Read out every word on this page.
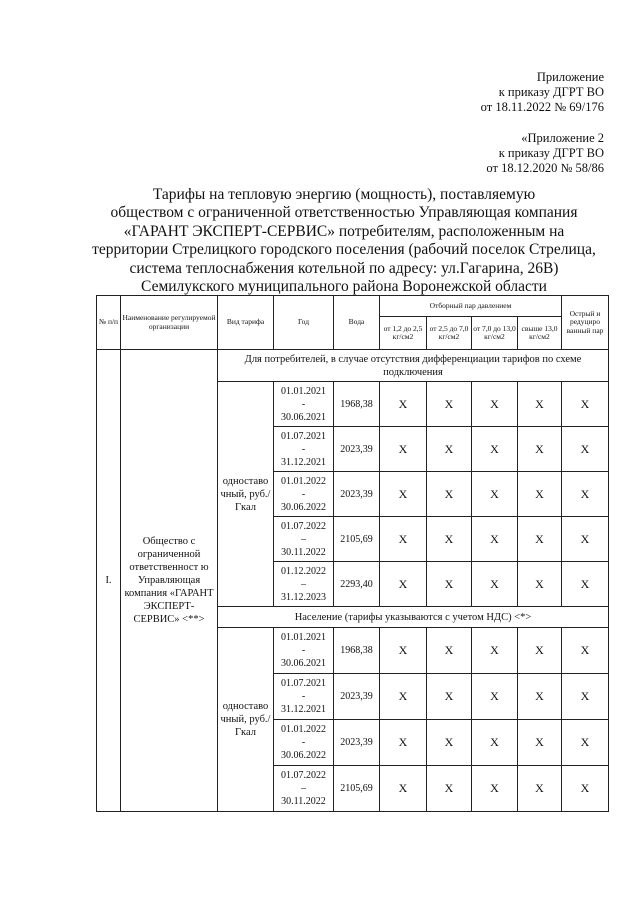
Приложение
к приказу ДГРТ ВО
от 18.11.2022 № 69/176
«Приложение 2
к приказу ДГРТ ВО
от 18.12.2020 № 58/86
Тарифы на тепловую энергию (мощность), поставляемую
обществом с ограниченной ответственностью Управляющая компания
«ГАРАНТ ЭКСПЕРТ-СЕРВИС» потребителям, расположенным на
территории Стрелицкого городского поселения (рабочий поселок Стрелица,
система теплоснабжения котельной по адресу: ул.Гагарина, 26В)
Семилукского муниципального района Воронежской области
№ п/п	Наименование регулируемой организации	Вид тарифа	Год	Вода	Отборный пар давлением				Острый и редуциро ванный пар
					от 1,2 до 2,5 кг/см2	от 2,5 до 7,0 кг/см2	от 7,0 до 13,0 кг/см2	свыше 13,0 кг/см2	
I.	Общество с ограниченной ответственност ю Управляющая компания «ГАРАНТ ЭКСПЕРТ-СЕРВИС» <**>	Для потребителей, в случае отсутствия дифференциации тарифов по схеме подключения							
		одноставо чный, руб./Гкал	01.01.2021
-
30.06.2021	1968,38	X	X	X	X	X

			01.07.2021
-
31.12.2021	2023,39	X	X	X	X	X

			01.01.2022
-
30.06.2022	2023,39	X	X	X	X	X

			01.07.2022
–
30.11.2022	2105,69	X	X	X	X	X

			01.12.2022
–
31.12.2023	2293,40	X	X	X	X	X
		Население (тарифы указываются с учетом НДС) <*>							
		одноставо чный, руб./Гкал	01.01.2021
-
30.06.2021	1968,38	X	X	X	X	X

			01.07.2021
-
31.12.2021	2023,39	X	X	X	X	X

			01.01.2022
-
30.06.2022	2023,39	X	X	X	X	X

			01.07.2022
–
30.11.2022	2105,69	X	X	X	X	X
